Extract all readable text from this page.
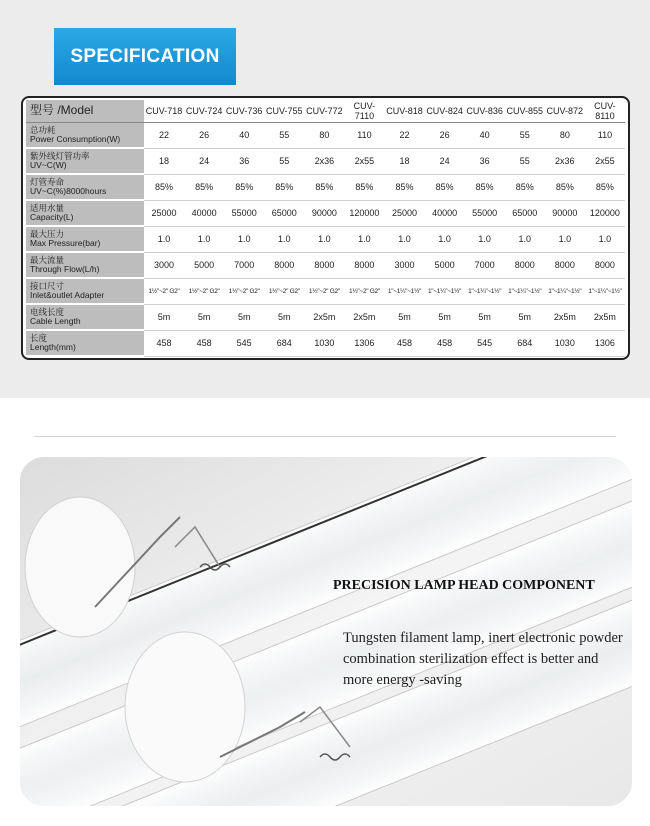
SPECIFICATION
型号 /Model	CUV-718	CUV-724	CUV-736	CUV-755	CUV-772	CUV-7110	CUV-818	CUV-824	CUV-836	CUV-855	CUV-872	CUV-8110

总功耗
Power Consumption(W)	22	26	40	55	80	110	22	26	40	55	80	110

紫外线灯管功率
UV~C(W)	18	24	36	55	2x36	2x55	18	24	36	55	2x36	2x55

灯管寿命
UV~C(%)8000hours	85%	85%	85%	85%	85%	85%	85%	85%	85%	85%	85%	85%

适用水量
Capacity(L)	25000	40000	55000	65000	90000	120000	25000	40000	55000	65000	90000	120000

最大压力
Max Pressure(bar)	1.0	1.0	1.0	1.0	1.0	1.0	1.0	1.0	1.0	1.0	1.0	1.0

最大流量
Through Flow(L/h)	3000	5000	7000	8000	8000	8000	3000	5000	7000	8000	8000	8000

接口尺寸
Inlet&outlet Adapter	1½"~2" G2"	1½"~2" G2"	1½"~2" G2"	1½"~2" G2"	1½"~2" G2"	1½"~2" G2"	1"~1¼"~1½"	1"~1¼"~1½"	1"~1¼"~1½"	1"~1¼"~1½"	1"~1¼"~1½"	1"~1¼"~1½"

电线长度
Cable Length	5m	5m	5m	5m	2x5m	2x5m	5m	5m	5m	5m	2x5m	2x5m

长度
Length(mm)	458	458	545	684	1030	1306	458	458	545	684	1030	1306
PRECISION LAMP HEAD COMPONENT
Tungsten filament lamp, inert electronic powder combination sterilization effect is better and more energy -saving
